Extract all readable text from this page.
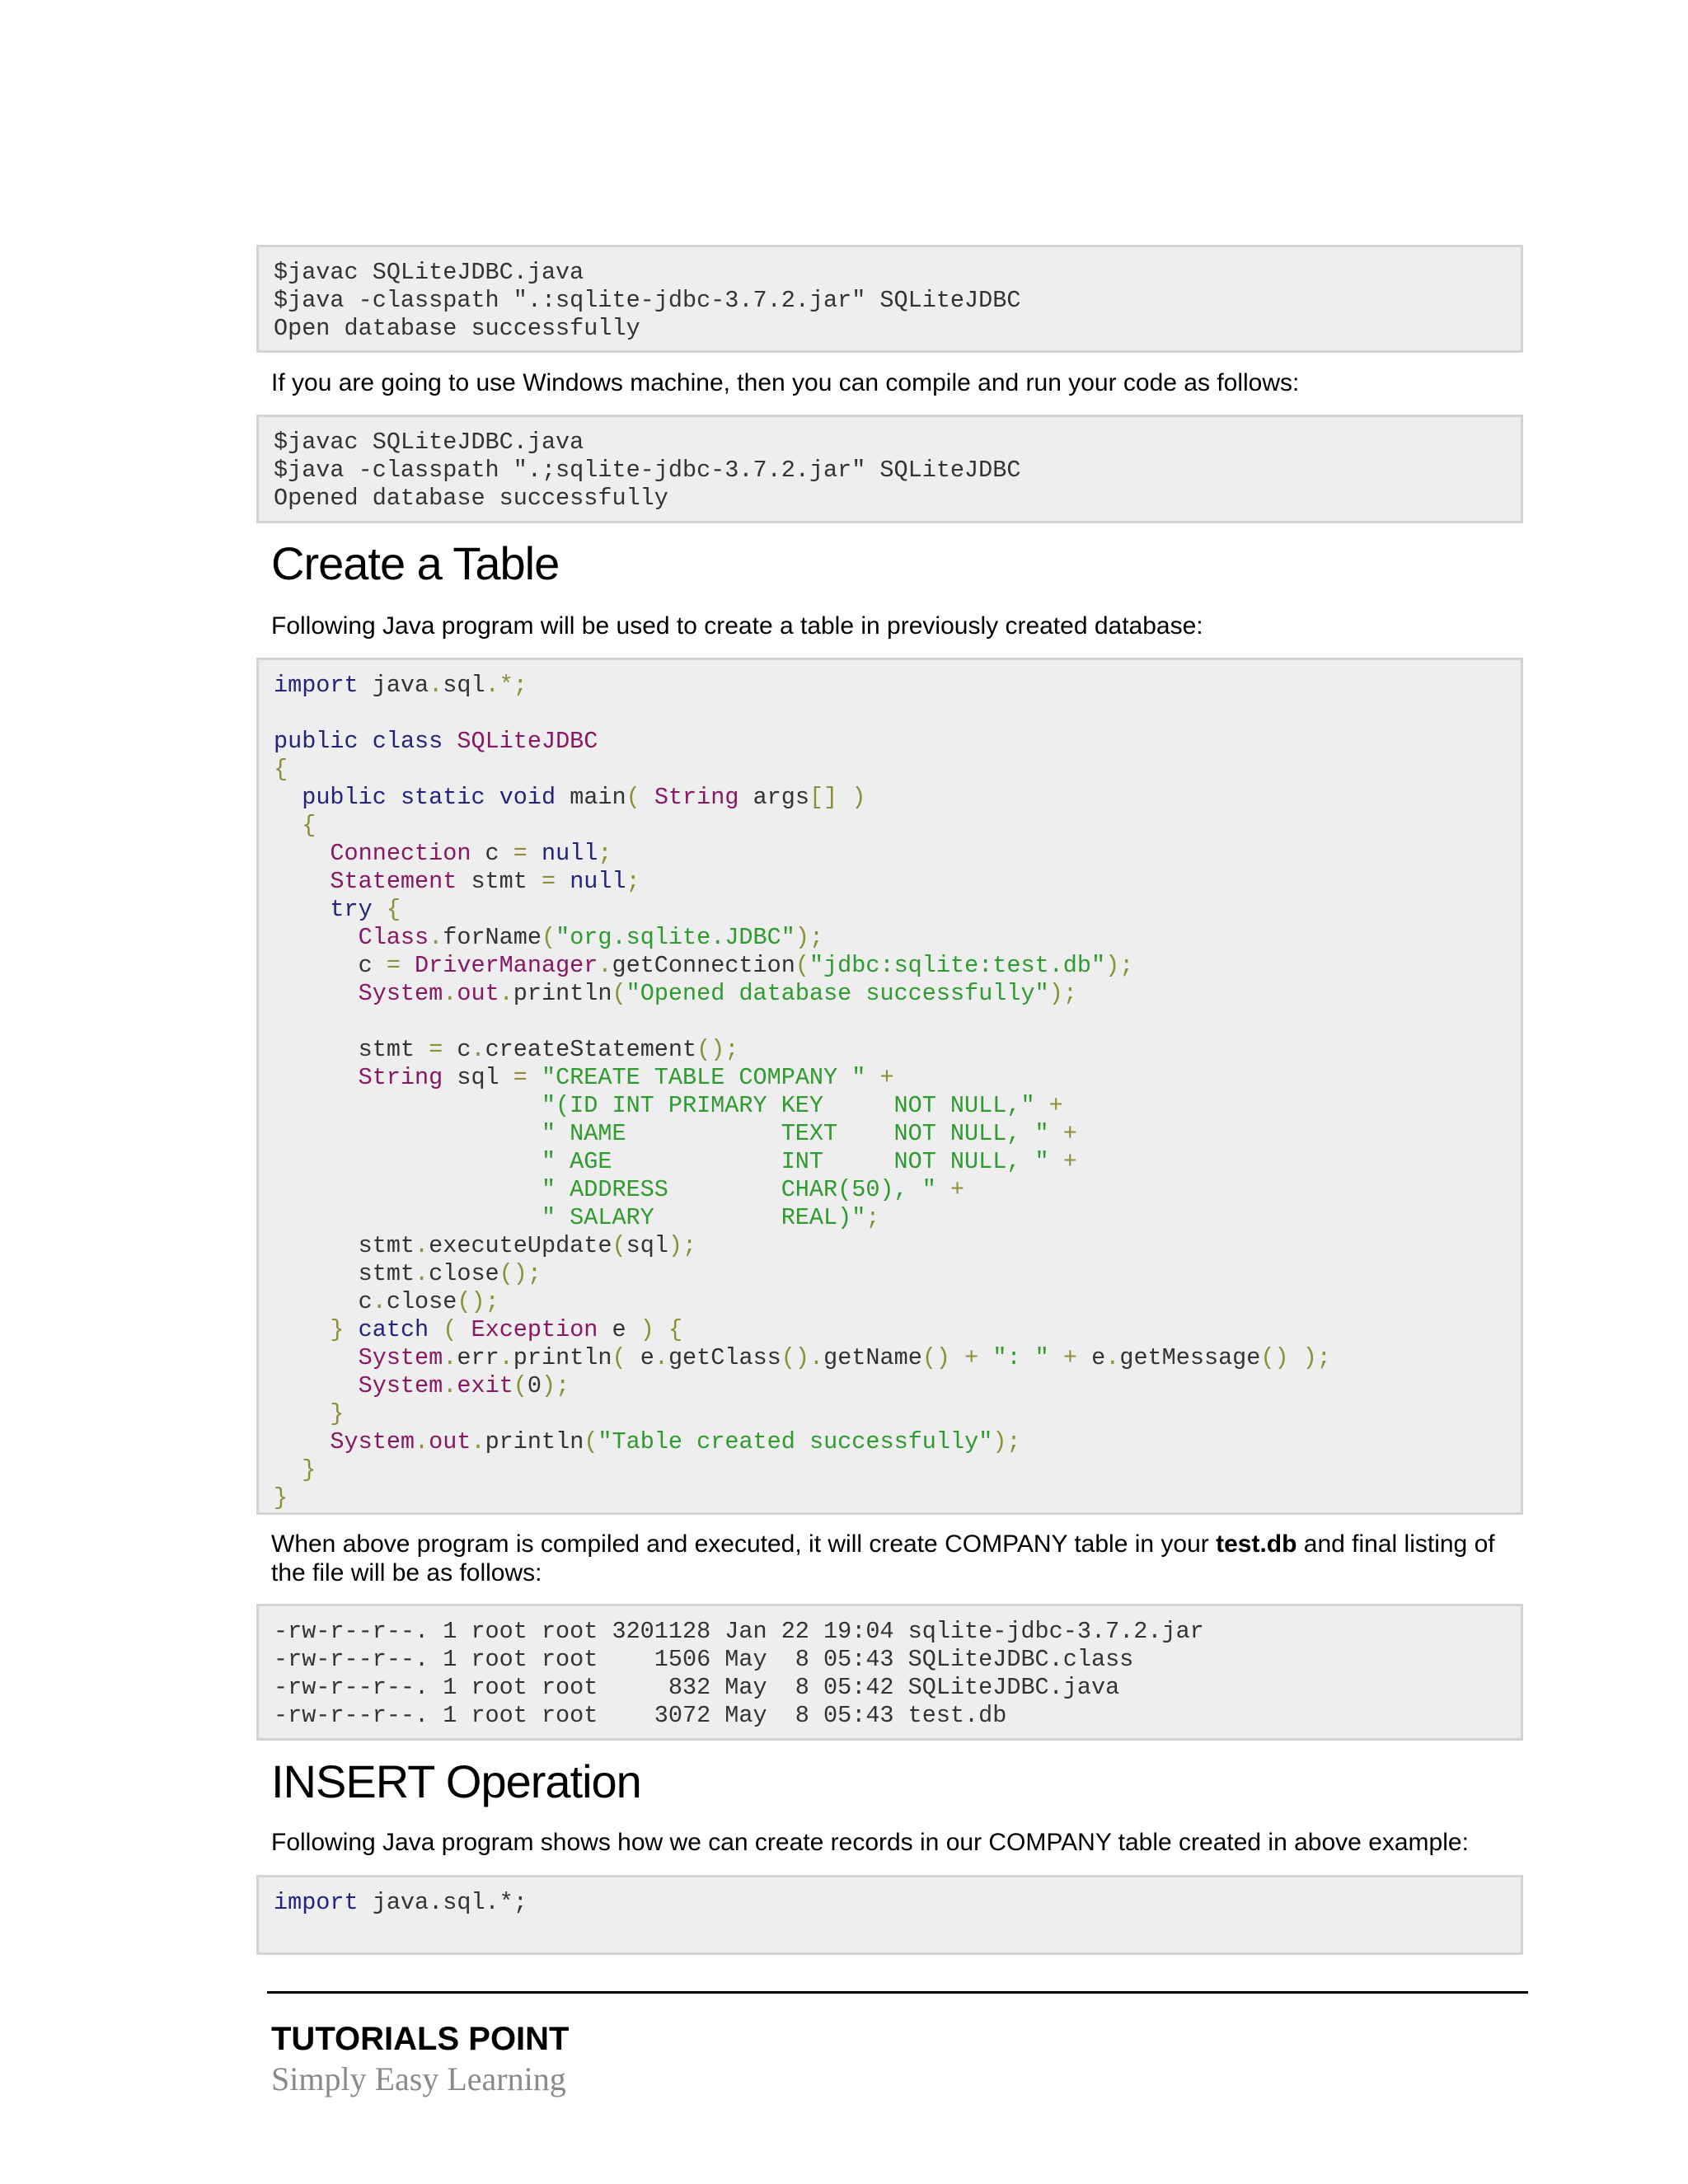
$javac SQLiteJDBC.java
$java -classpath ".:sqlite-jdbc-3.7.2.jar" SQLiteJDBC
Open database successfully
If you are going to use Windows machine, then you can compile and run your code as follows:
$javac SQLiteJDBC.java
$java -classpath ".;sqlite-jdbc-3.7.2.jar" SQLiteJDBC
Opened database successfully
Create a Table
Following Java program will be used to create a table in previously created database:
import java.sql.*;
public class SQLiteJDBC
{
public static void main( String args[] )
{
Connection c = null;
Statement stmt = null;
try {
Class.forName("org.sqlite.JDBC");
c = DriverManager.getConnection("jdbc:sqlite:test.db");
System.out.println("Opened database successfully");
stmt = c.createStatement();
String sql = "CREATE TABLE COMPANY " +
"(ID INT PRIMARY KEY     NOT NULL," +
" NAME           TEXT    NOT NULL, " +
" AGE            INT     NOT NULL, " +
" ADDRESS        CHAR(50), " +
" SALARY         REAL)";
stmt.executeUpdate(sql);
stmt.close();
c.close();
} catch ( Exception e ) {
System.err.println( e.getClass().getName() + ": " + e.getMessage() );
System.exit(0);
}
System.out.println("Table created successfully");
}
}
When above program is compiled and executed, it will create COMPANY table in your test.db and final listing of the file will be as follows:
-rw-r--r--. 1 root root 3201128 Jan 22 19:04 sqlite-jdbc-3.7.2.jar
-rw-r--r--. 1 root root    1506 May  8 05:43 SQLiteJDBC.class
-rw-r--r--. 1 root root     832 May  8 05:42 SQLiteJDBC.java
-rw-r--r--. 1 root root    3072 May  8 05:43 test.db
INSERT Operation
Following Java program shows how we can create records in our COMPANY table created in above example:
import java.sql.*;
TUTORIALS POINT
Simply Easy Learning
